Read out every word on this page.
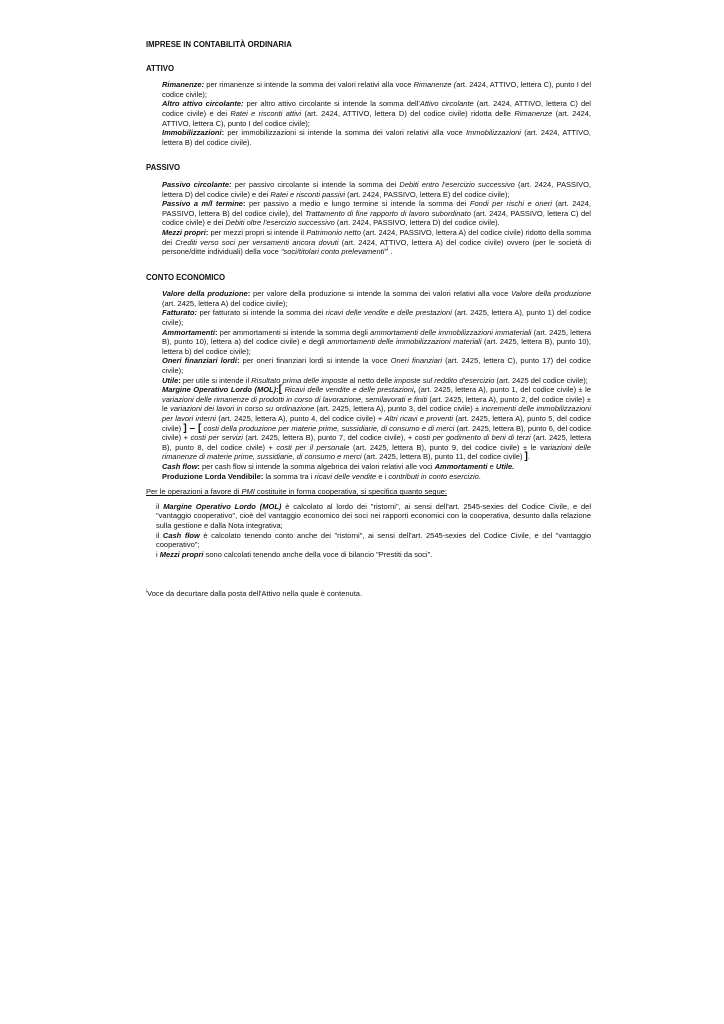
IMPRESE IN CONTABILITÀ ORDINARIA
ATTIVO
Rimanenze: per rimanenze si intende la somma dei valori relativi alla voce Rimanenze (art. 2424, ATTIVO, lettera C), punto I del codice civile);
Altro attivo circolante: per altro attivo circolante si intende la somma dell'Attivo circolante (art. 2424, ATTIVO, lettera C) del codice civile) e dei Ratei e risconti attivi (art. 2424, ATTIVO, lettera D) del codice civile) ridotta delle Rimanenze (art. 2424, ATTIVO, lettera C), punto I del codice civile);
Immobilizzazioni: per immobilizzazioni si intende la somma dei valori relativi alla voce Immobilizzazioni (art. 2424, ATTIVO, lettera B) del codice civile).
PASSIVO
Passivo circolante: per passivo circolante si intende la somma dei Debiti entro l'esercizio successivo (art. 2424, PASSIVO, lettera D) del codice civile) e dei Ratei e risconti passivi (art. 2424, PASSIVO, lettera E) del codice civile);
Passivo a m/l termine: per passivo a medio e lungo termine si intende la somma dei Fondi per rischi e oneri (art. 2424, PASSIVO, lettera B) del codice civile), del Trattamento di fine rapporto di lavoro subordinato (art. 2424, PASSIVO, lettera C) del codice civile) e dei Debiti oltre l'esercizio successivo (art. 2424, PASSIVO, lettera D) del codice civile).
Mezzi propri: per mezzi propri si intende il Patrimonio netto (art. 2424, PASSIVO, lettera A) del codice civile) ridotto della somma dei Crediti verso soci per versamenti ancora dovuti (art. 2424, ATTIVO, lettera A) del codice civile) ovvero (per le società di persone/ditte individuali) della voce "soci/titolari conto prelevamenti"$^i$ .
CONTO ECONOMICO
Valore della produzione: per valore della produzione si intende la somma dei valori relativi alla voce Valore della produzione (art. 2425, lettera A) del codice civile);
Fatturato: per fatturato si intende la somma dei ricavi delle vendite e delle prestazioni (art. 2425, lettera A), punto 1) del codice civile);
Ammortamenti: per ammortamenti si intende la somma degli ammortamenti delle immobilizzazioni immateriali (art. 2425, lettera B), punto 10), lettera a) del codice civile) e degli ammortamenti delle immobilizzazioni materiali (art. 2425, lettera B), punto 10), lettera b) del codice civile);
Oneri finanziari lordi: per oneri finanziari lordi si intende la voce Oneri finanziari (art. 2425, lettera C), punto 17) del codice civile);
Utile: per utile si intende il Risultato prima delle imposte al netto delle imposte sul reddito d'esercizio (art. 2425 del codice civile);
Margine Operativo Lordo (MOL):[ Ricavi delle vendite e delle prestazioni, (art. 2425, lettera A), punto 1, del codice civile) ± le variazioni delle rimanenze di prodotti in corso di lavorazione, semilavorati e finiti (art. 2425, lettera A), punto 2, del codice civile) ± le variazioni dei lavori in corso su ordinazione (art. 2425, lettera A), punto 3, del codice civile) ± incrementi delle immobilizzazioni per lavori interni (art. 2425, lettera A), punto 4, del codice civile) + Altri ricavi e proventi (art. 2425, lettera A), punto 5, del codice civile) ] – [ costi della produzione per materie prime, sussidiarie, di consumo e di merci (art. 2425, lettera B), punto 6, del codice civile) + costi per servizi (art. 2425, lettera B), punto 7, del codice civile), + costi per godimento di beni di terzi (art. 2425, lettera B), punto 8, del codice civile) + costi per il personale (art. 2425, lettera B), punto 9, del codice civile) ± le variazioni delle rimanenze di materie prime, sussidiarie, di consumo e merci (art. 2425, lettera B), punto 11, del codice civile) ].
Cash flow: per cash flow si intende la somma algebrica dei valori relativi alle voci Ammortamenti e Utile.
Produzione Lorda Vendibile: la somma tra i ricavi delle vendite e i contributi in conto esercizio.
Per le operazioni a favore di PMI costituite in forma cooperativa, si specifica quanto segue:
il Margine Operativo Lordo (MOL) è calcolato al lordo dei "ristorni", ai sensi dell'art. 2545-sexies del Codice Civile, e del "vantaggio cooperativo", cioè del vantaggio economico dei soci nei rapporti economici con la cooperativa, desunto dalla relazione sulla gestione e dalla Nota integrativa;
il Cash flow è calcolato tenendo conto anche dei "ristorni", ai sensi dell'art. 2545-sexies del Codice Civile, e del "vantaggio cooperativo";
i Mezzi propri sono calcolati tenendo anche della voce di bilancio "Prestiti da soci".
$^i$Voce da decurtare dalla posta dell'Attivo nella quale è contenuta.
